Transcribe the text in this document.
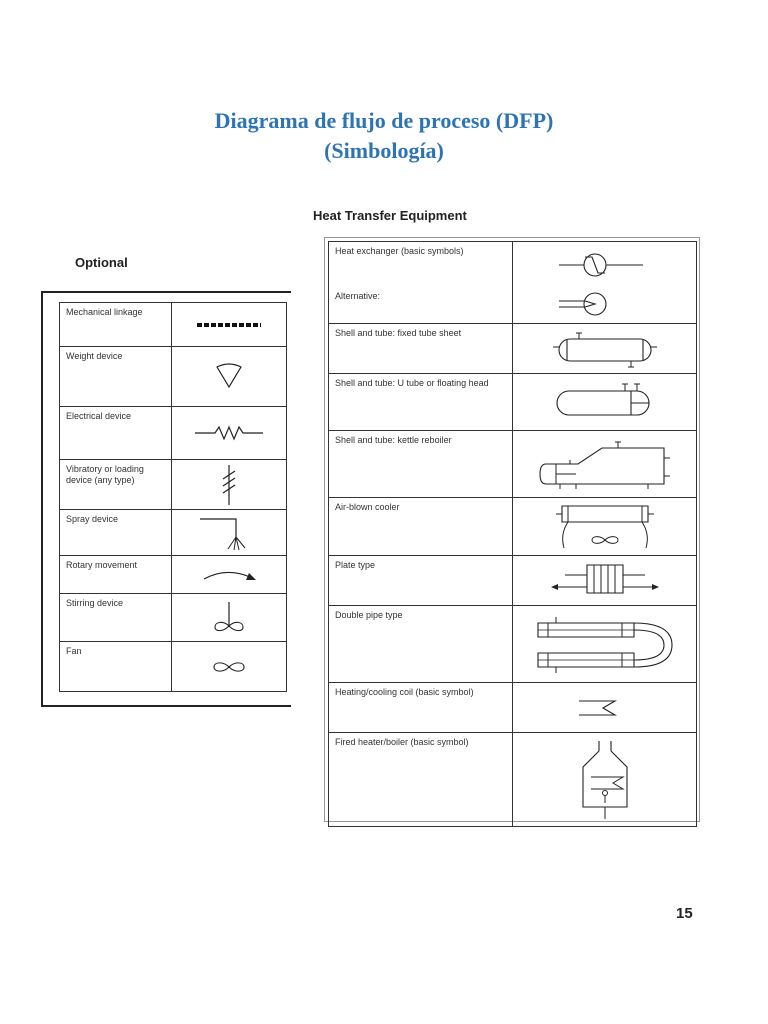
Diagrama de flujo de proceso (DFP)
(Simbología)
Optional
Mechanical linkage	

Weight device	

Electrical device	

Vibratory or loading device (any type)	

Spray device	

Rotary movement	

Stirring device	

Fan	
Heat Transfer Equipment
Heat exchanger (basic symbols)
Alternative:

Shell and tube: fixed tube sheet	

Shell and tube: U tube or floating head	

Shell and tube: kettle reboiler	

Air-blown cooler	

Plate type	

Double pipe type	

Heating/cooling coil (basic symbol)	

Fired heater/boiler (basic symbol)	
15
